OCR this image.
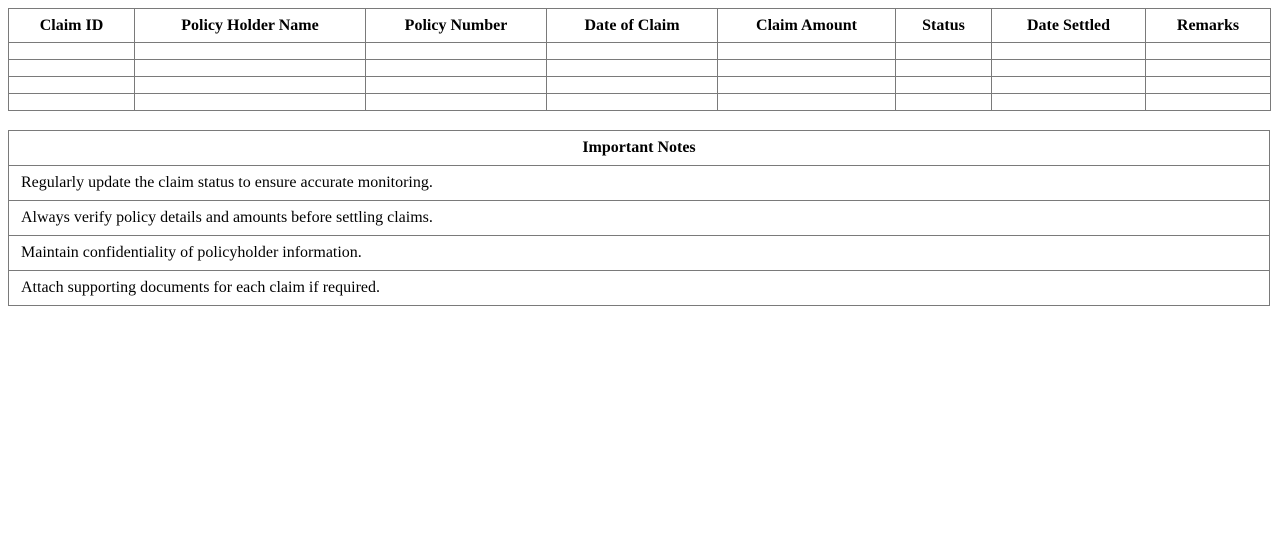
Claim ID	Policy Holder Name	Policy Number	Date of Claim	Claim Amount	Status	Date Settled	Remarks

Important Notes
Regularly update the claim status to ensure accurate monitoring.
Always verify policy details and amounts before settling claims.
Maintain confidentiality of policyholder information.
Attach supporting documents for each claim if required.
